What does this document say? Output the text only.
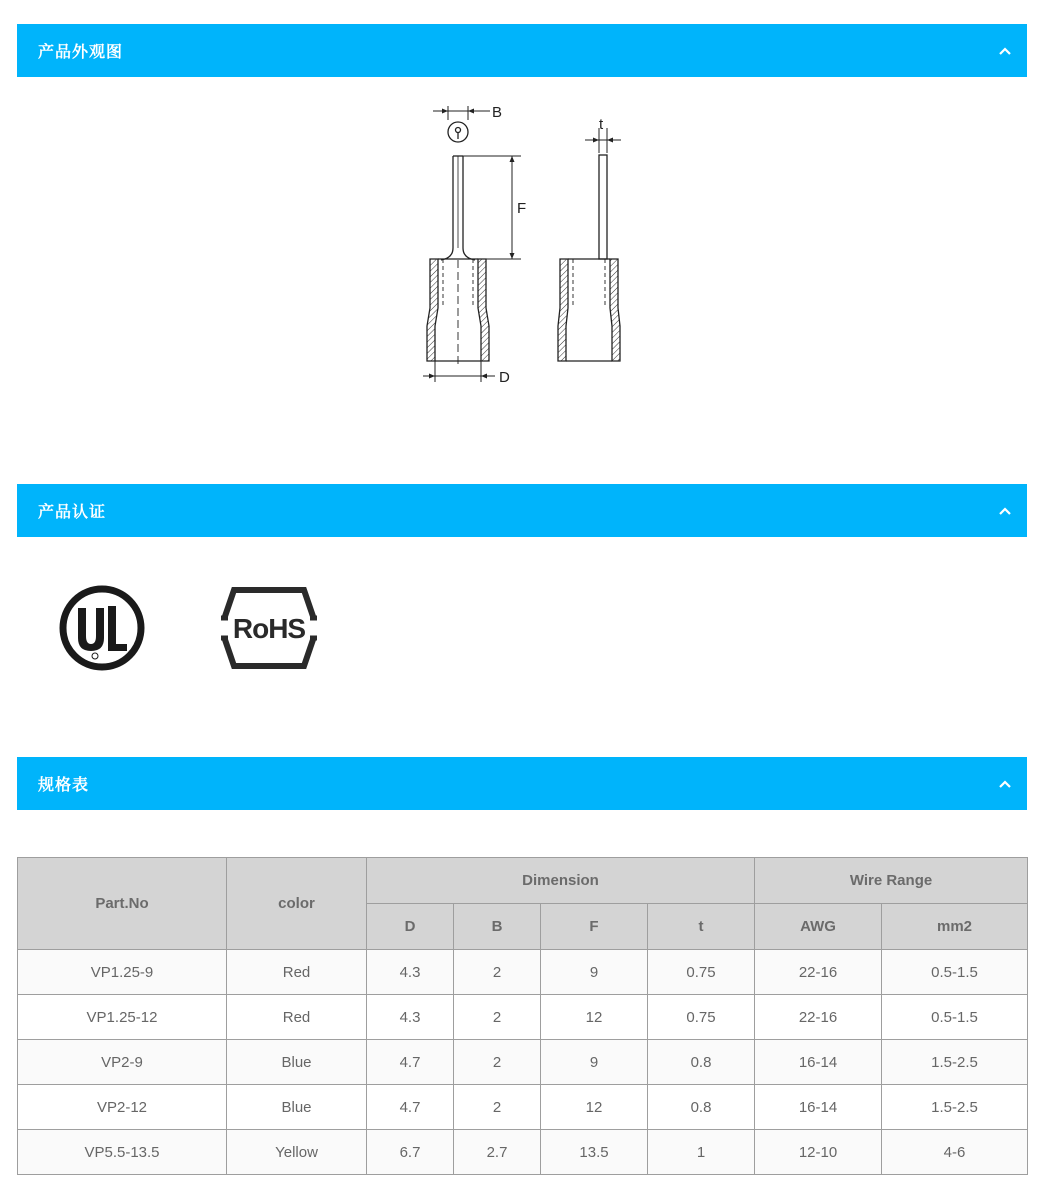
产品外观图
B
F
D
t
产品认证
RoHS
规格表
Part.No	color	Dimension				Wire Range	
		D	B	F	t	AWG	mm2
VP1.25-9	Red	4.3	2	9	0.75	22-16	0.5-1.5
VP1.25-12	Red	4.3	2	12	0.75	22-16	0.5-1.5
VP2-9	Blue	4.7	2	9	0.8	16-14	1.5-2.5
VP2-12	Blue	4.7	2	12	0.8	16-14	1.5-2.5
VP5.5-13.5	Yellow	6.7	2.7	13.5	1	12-10	4-6
